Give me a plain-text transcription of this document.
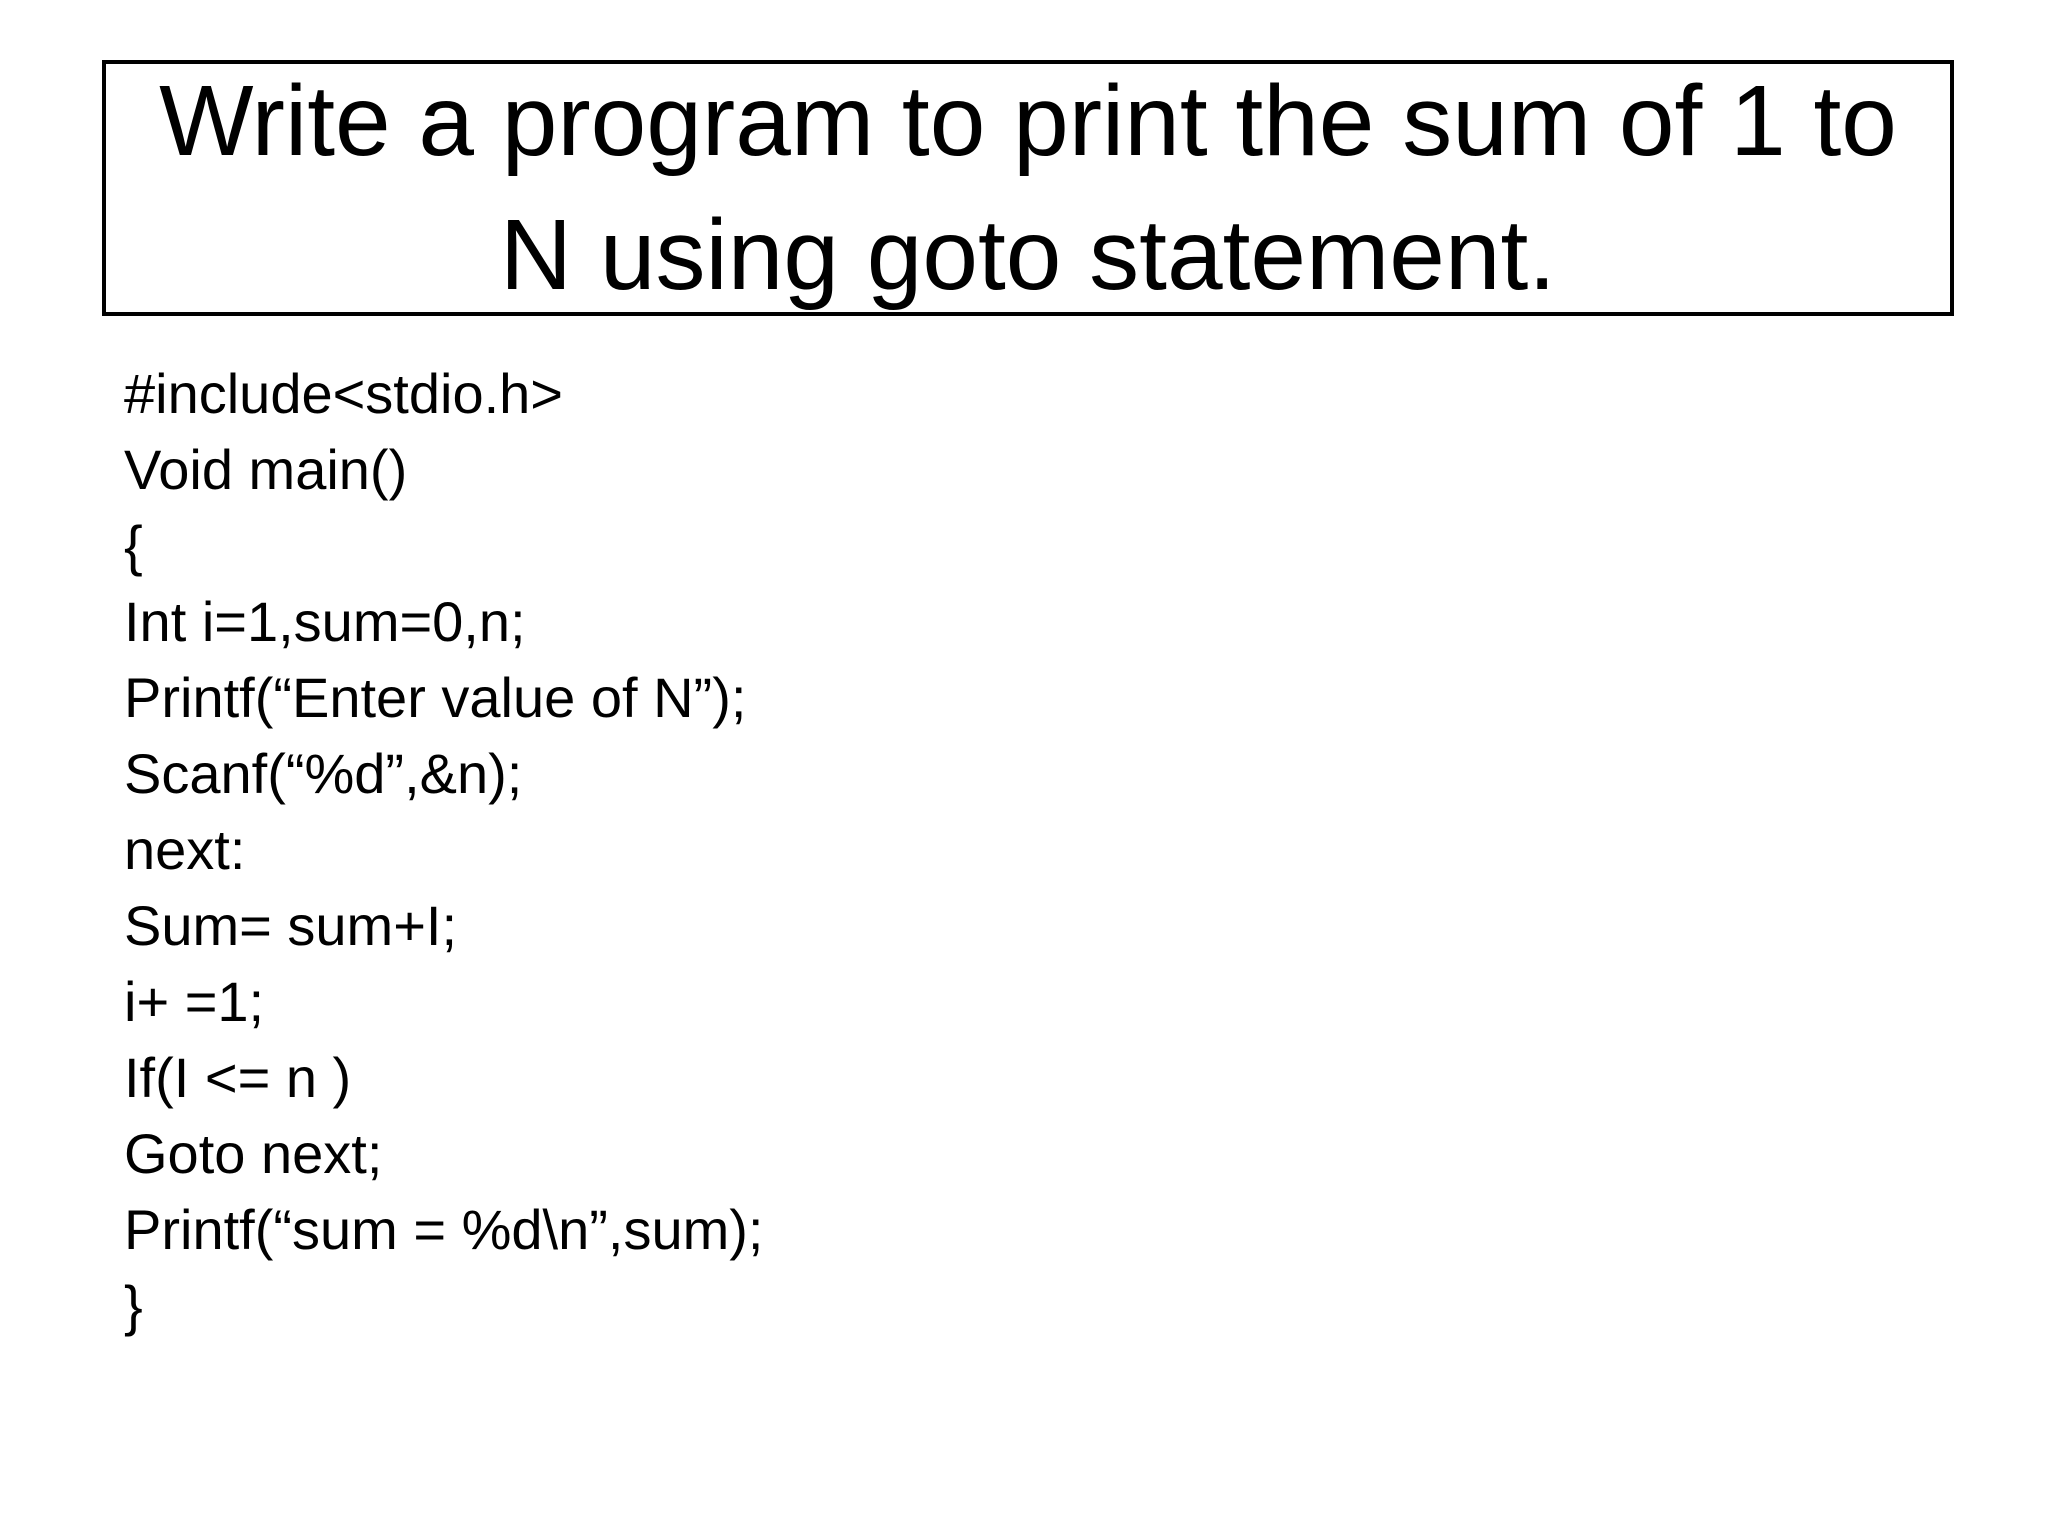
Write a program to print the sum of 1 to N using goto statement.
#include<stdio.h>
Void main()
{
Int i=1,sum=0,n;
Printf(“Enter value of N”);
Scanf(“%d”,&n);
next:
Sum= sum+I;
i+ =1;
If(I <= n )
Goto next;
Printf(“sum = %d\n”,sum);
}
